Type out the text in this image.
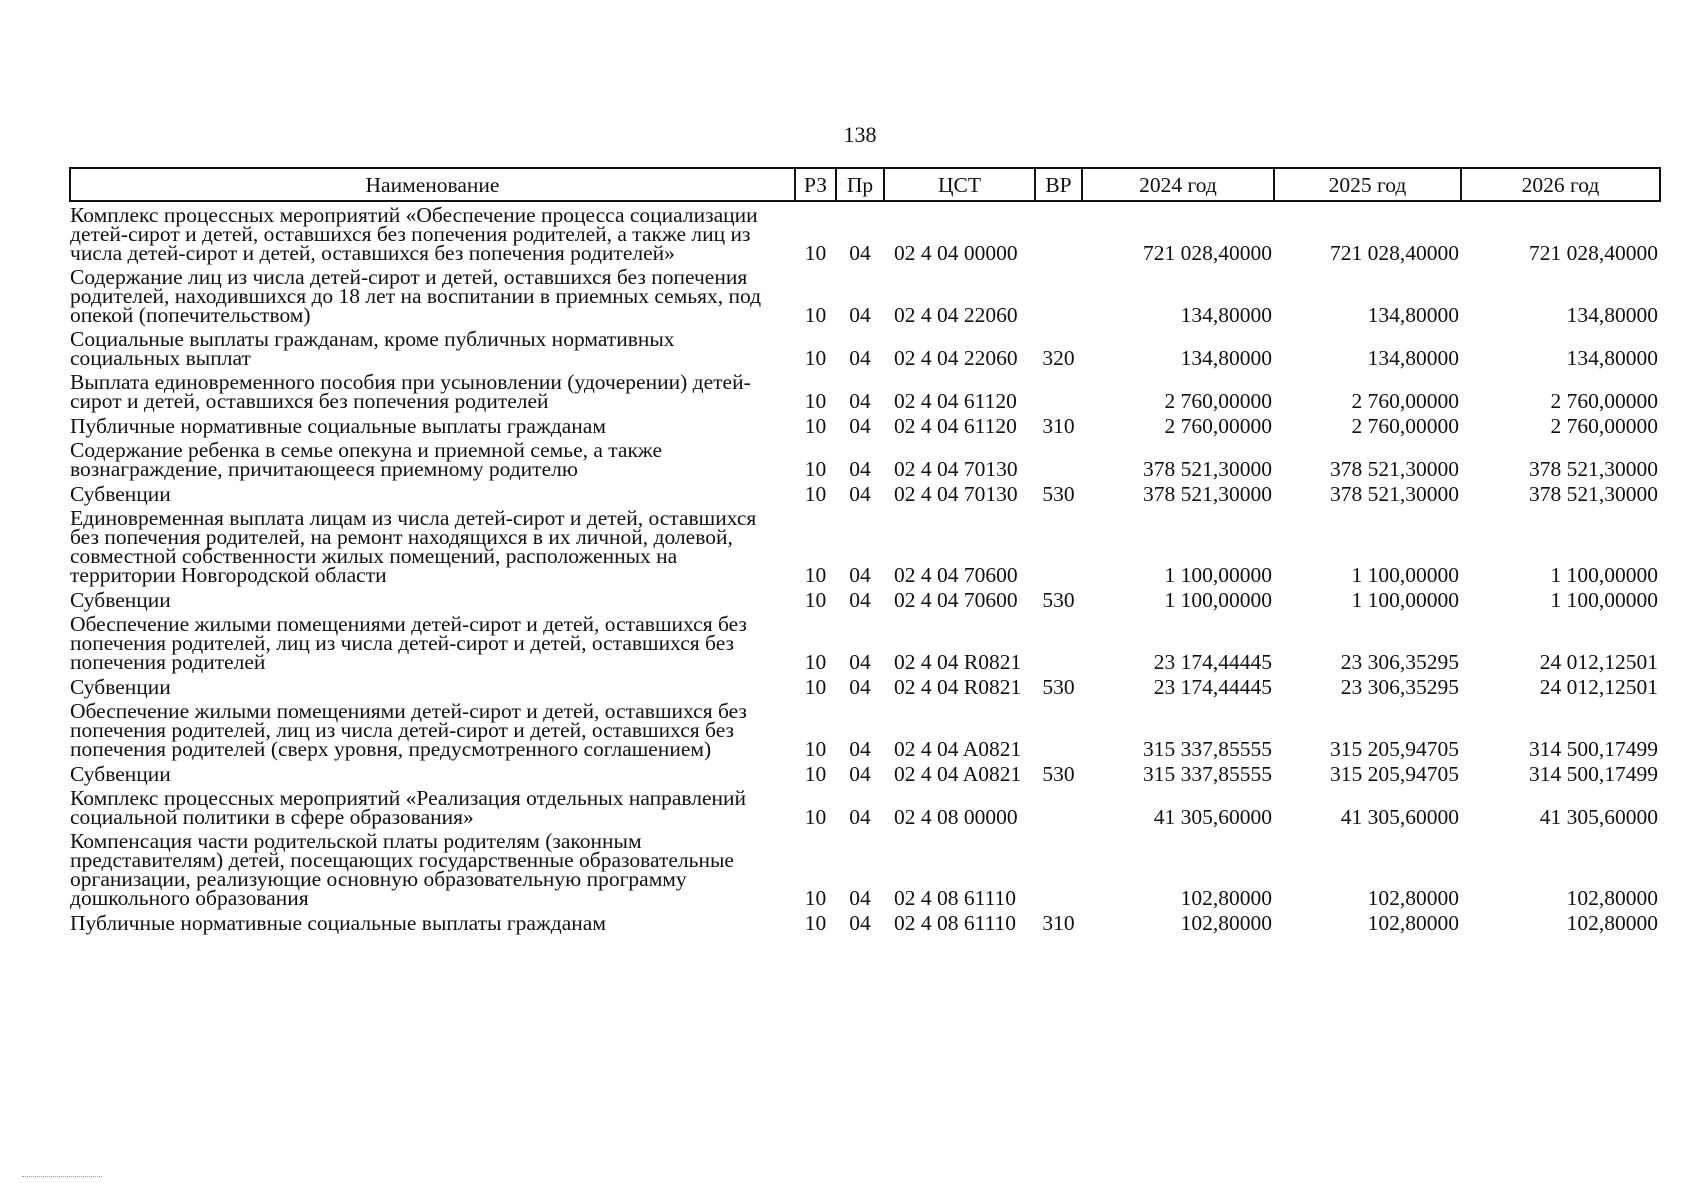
138
Наименование	РЗ	Пр	ЦСТ	ВР	2024 год	2025 год	2026 год
Комплекс процессных мероприятий «Обеспечение процесса социализации детей-сирот и детей, оставшихся без попечения родителей, а также лиц из числа детей-сирот и детей, оставшихся без попечения родителей»	10	04	02 4 04 00000		721 028,40000	721 028,40000	721 028,40000
Содержание лиц из числа детей-сирот и детей, оставшихся без попечения родителей, находившихся до 18 лет на воспитании в приемных семьях, под опекой (попечительством)	10	04	02 4 04 22060		134,80000	134,80000	134,80000
Социальные выплаты гражданам, кроме публичных нормативных социальных выплат	10	04	02 4 04 22060	320	134,80000	134,80000	134,80000
Выплата единовременного пособия при усыновлении (удочерении) детей-сирот и детей, оставшихся без попечения родителей	10	04	02 4 04 61120		2 760,00000	2 760,00000	2 760,00000
Публичные нормативные социальные выплаты гражданам	10	04	02 4 04 61120	310	2 760,00000	2 760,00000	2 760,00000
Содержание ребенка в семье опекуна и приемной семье, а также вознаграждение, причитающееся приемному родителю	10	04	02 4 04 70130		378 521,30000	378 521,30000	378 521,30000
Субвенции	10	04	02 4 04 70130	530	378 521,30000	378 521,30000	378 521,30000
Единовременная выплата лицам из числа детей-сирот и детей, оставшихся без попечения родителей, на ремонт находящихся в их личной, долевой, совместной собственности жилых помещений, расположенных на территории Новгородской области	10	04	02 4 04 70600		1 100,00000	1 100,00000	1 100,00000
Субвенции	10	04	02 4 04 70600	530	1 100,00000	1 100,00000	1 100,00000
Обеспечение жилыми помещениями детей-сирот и детей, оставшихся без попечения родителей, лиц из числа детей-сирот и детей, оставшихся без попечения родителей	10	04	02 4 04 R0821		23 174,44445	23 306,35295	24 012,12501
Субвенции	10	04	02 4 04 R0821	530	23 174,44445	23 306,35295	24 012,12501
Обеспечение жилыми помещениями детей-сирот и детей, оставшихся без попечения родителей, лиц из числа детей-сирот и детей, оставшихся без попечения родителей (сверх уровня, предусмотренного соглашением)	10	04	02 4 04 A0821		315 337,85555	315 205,94705	314 500,17499
Субвенции	10	04	02 4 04 A0821	530	315 337,85555	315 205,94705	314 500,17499
Комплекс процессных мероприятий «Реализация отдельных направлений социальной политики в сфере образования»	10	04	02 4 08 00000		41 305,60000	41 305,60000	41 305,60000
Компенсация части родительской платы родителям (законным представителям) детей, посещающих государственные образовательные организации, реализующие основную образовательную программу дошкольного образования	10	04	02 4 08 61110		102,80000	102,80000	102,80000
Публичные нормативные социальные выплаты гражданам	10	04	02 4 08 61110	310	102,80000	102,80000	102,80000
